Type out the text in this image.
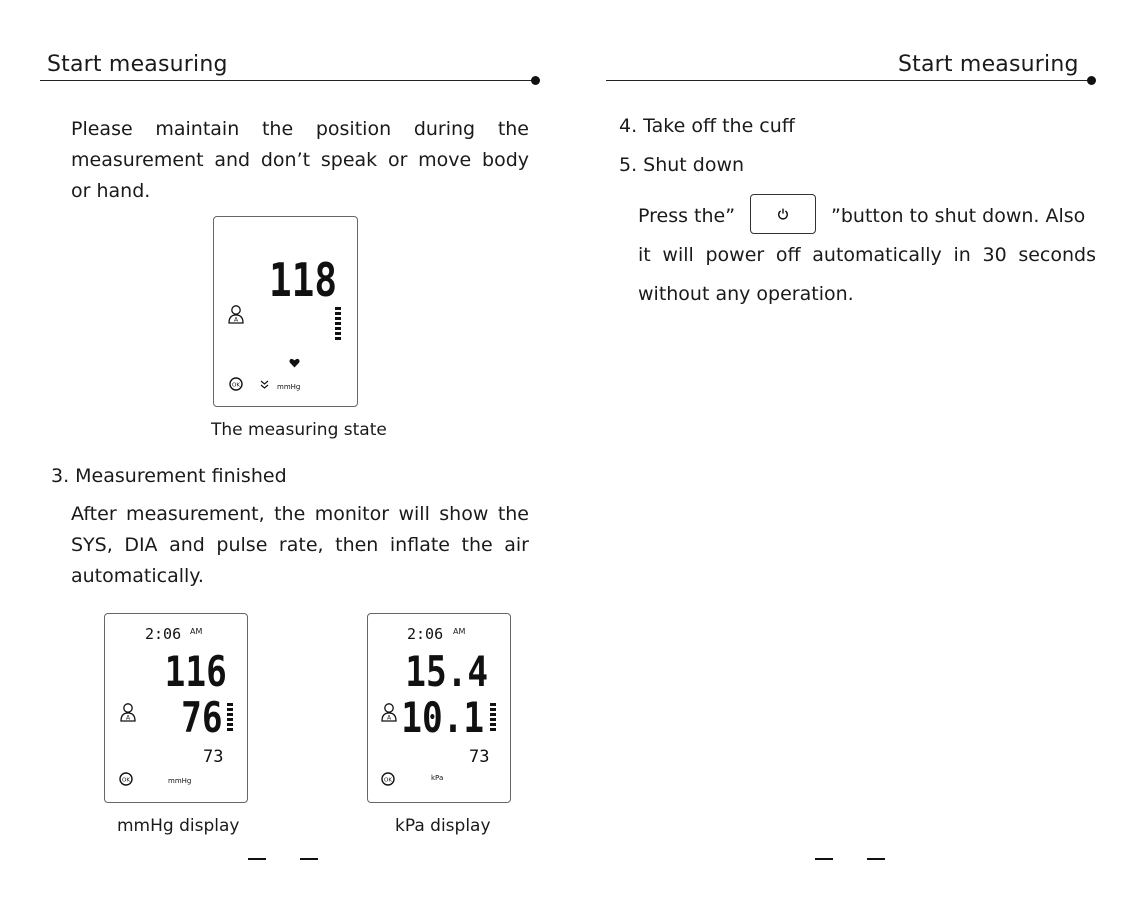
Start measuring
Please maintain the position during the
measurement and don’t speak or move body
or hand.
118
A
OK	mmHg
The measuring state
3. Measurement finished
After measurement, the monitor will show the
SYS, DIA and pulse rate, then inflate the air
automatically.
2:06 AM
116
76
A
73
OK	mmHg
mmHg display
2:06 AM
15.4
10.1
A
73
OK	kPa
kPa display
Start measuring
4. Take off the cuff
5. Shut down
Press the”	”button to shut down. Also
it will power off automatically in 30 seconds
without any operation.
